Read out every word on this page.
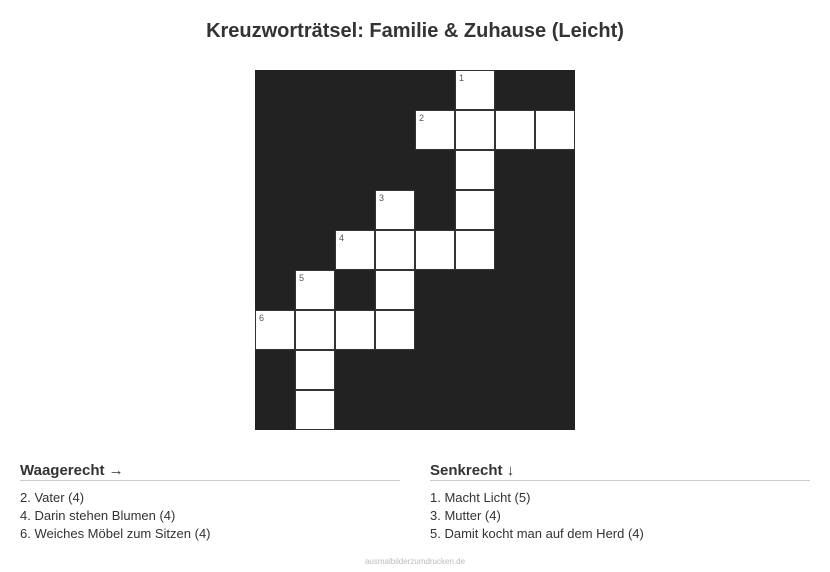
Kreuzworträtsel: Familie & Zuhause (Leicht)
1
2
3
4
5
6
Waagerecht →
2. Vater (4)
4. Darin stehen Blumen (4)
6. Weiches Möbel zum Sitzen (4)
Senkrecht ↓
1. Macht Licht (5)
3. Mutter (4)
5. Damit kocht man auf dem Herd (4)
ausmalbilderzumdrucken.de
